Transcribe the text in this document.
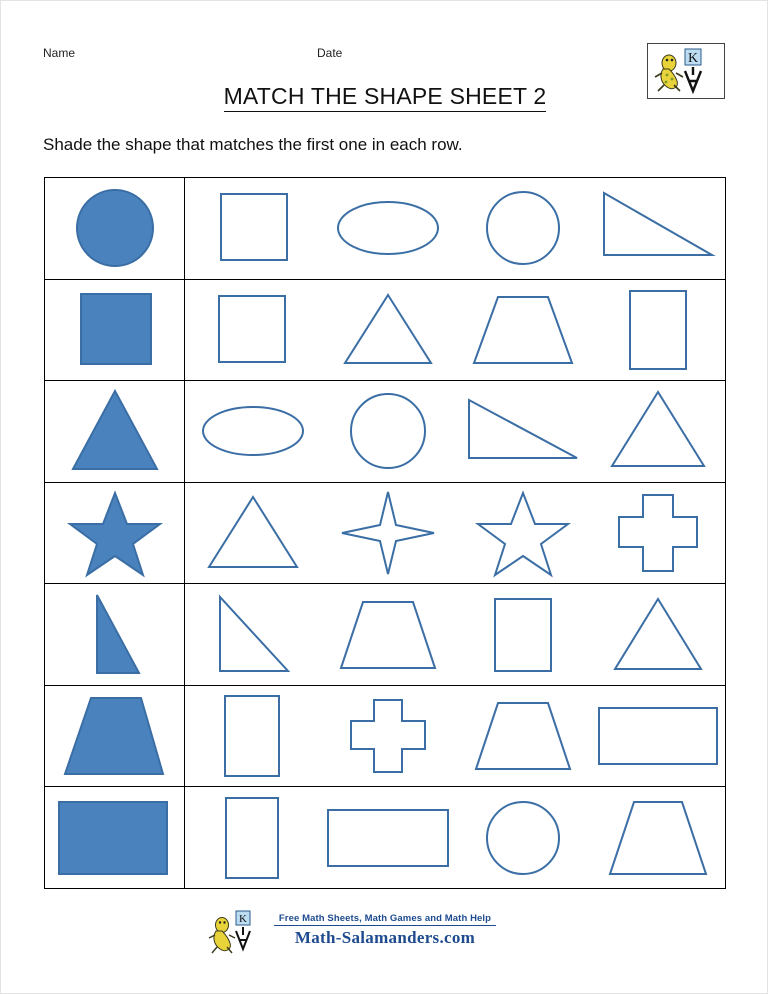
Name	Date	K
MATCH THE SHAPE SHEET 2
Shade the shape that matches the first one in each row.
K	Free Math Sheets, Math Games and Math Help
Math-Salamanders.com
